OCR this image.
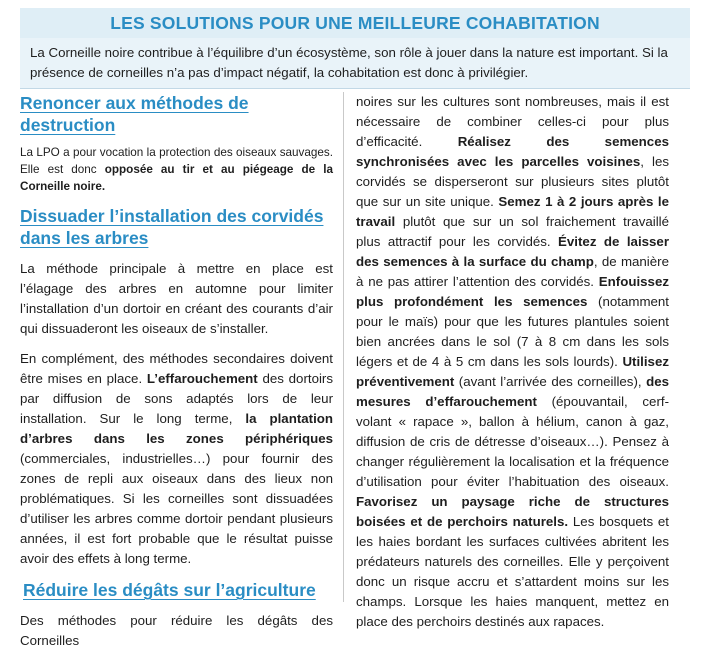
LES SOLUTIONS POUR UNE MEILLEURE COHABITATION

La Corneille noire contribue à l’équilibre d’un écosystème, son rôle à jouer dans la nature est important. Si la présence de corneilles n’a pas d’impact négatif, la cohabitation est donc à privilégier.

Renoncer aux méthodes de destruction

La LPO a pour vocation la protection des oiseaux sauvages. Elle est donc opposée au tir et au piégeage de la Corneille noire.

Dissuader l’installation des corvidés dans les arbres

La méthode principale à mettre en place est l’élagage des arbres en automne pour limiter l’installation d’un dortoir en créant des courants d’air qui dissuaderont les oiseaux de s’installer.

En complément, des méthodes secondaires doivent être mises en place. L’effarouchement des dortoirs par diffusion de sons adaptés lors de leur installation. Sur le long terme, la plantation d’arbres dans les zones périphériques (commerciales, industrielles…) pour fournir des zones de repli aux oiseaux dans des lieux non problématiques. Si les corneilles sont dissuadées d’utiliser les arbres comme dortoir pendant plusieurs années, il est fort probable que le résultat puisse avoir des effets à long terme.

Réduire les dégâts sur l’agriculture

Des méthodes pour réduire les dégâts des Corneilles

noires sur les cultures sont nombreuses, mais il est nécessaire de combiner celles-ci pour plus d’efficacité. Réalisez des semences synchronisées avec les parcelles voisines, les corvidés se disperseront sur plusieurs sites plutôt que sur un site unique. Semez 1 à 2 jours après le travail plutôt que sur un sol fraichement travaillé plus attractif pour les corvidés. Évitez de laisser des semences à la surface du champ, de manière à ne pas attirer l’attention des corvidés. Enfouissez plus profondément les semences (notamment pour le maïs) pour que les futures plantules soient bien ancrées dans le sol (7 à 8 cm dans les sols légers et de 4 à 5 cm dans les sols lourds). Utilisez préventivement (avant l’arrivée des corneilles), des mesures d’effarouchement (épouvantail, cerf-volant « rapace », ballon à hélium, canon à gaz, diffusion de cris de détresse d’oiseaux…). Pensez à changer régulièrement la localisation et la fréquence d’utilisation pour éviter l’habituation des oiseaux. Favorisez un paysage riche de structures boisées et de perchoirs naturels. Les bosquets et les haies bordant les surfaces cultivées abritent les prédateurs naturels des corneilles. Elle y perçoivent donc un risque accru et s’attardent moins sur les champs. Lorsque les haies manquent, mettez en place des perchoirs destinés aux rapaces.
